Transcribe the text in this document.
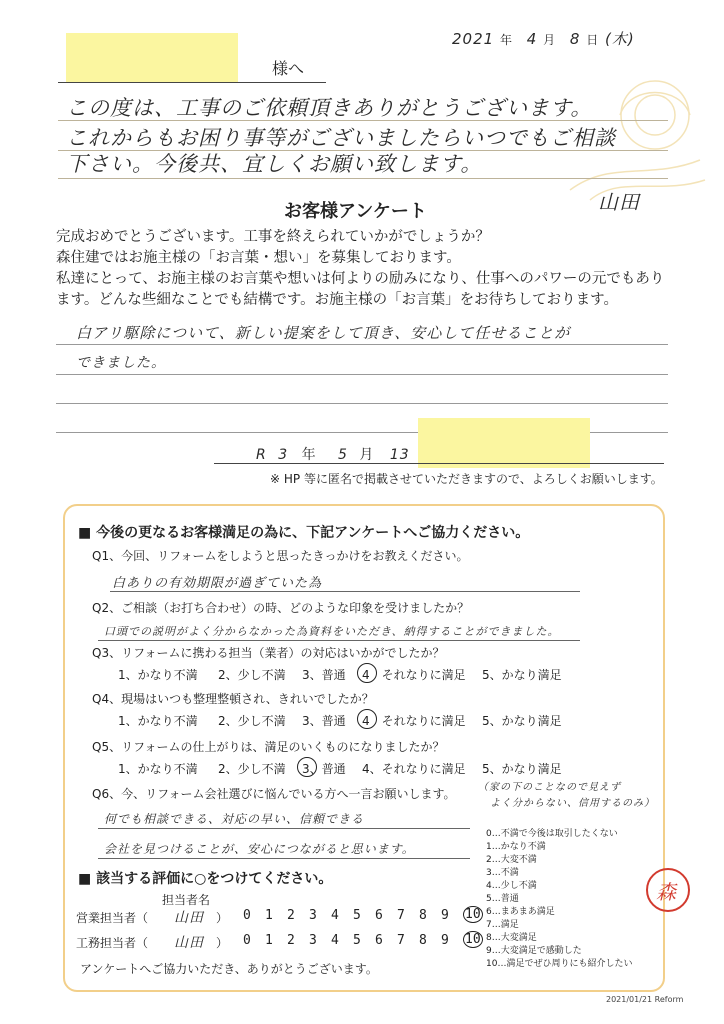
2021 年 4 月 8 日 (木)
様へ
この度は、工事のご依頼頂きありがとうございます。
これからもお困り事等がございましたらいつでもご相談
下さい。今後共、宜しくお願い致します。
山田
お客様アンケート
完成おめでとうございます。工事を終えられていかがでしょうか？
森住建ではお施主様の「お言葉・想い」を募集しております。
私達にとって、お施主様のお言葉や想いは何よりの励みになり、仕事へのパワーの元でもあり
ます。どんな些細なことでも結構です。お施主様の「お言葉」をお待ちしております。
白アリ駆除について、新しい提案をして頂き、安心して任せることが
できました。
R 3 年 5 月 13
※ HP 等に匿名で掲載させていただきますので、よろしくお願いします。
■ 今後の更なるお客様満足の為に、下記アンケートへご協力ください。
Q1、今回、リフォームをしようと思ったきっかけをお教えください。
白ありの有効期限が過ぎていた為
Q2、ご相談（お打ち合わせ）の時、どのような印象を受けましたか？
口頭での説明がよく分からなかった為資料をいただき、納得することができました。
Q3、リフォームに携わる担当（業者）の対応はいかがでしたか？
1、かなり不満 2、少し不満 3、普通 4 それなりに満足 5、かなり満足
Q4、現場はいつも整理整頓され、きれいでしたか？
1、かなり不満 2、少し不満 3、普通 4 それなりに満足 5、かなり満足
Q5、リフォームの仕上がりは、満足のいくものになりましたか？
1、かなり不満 2、少し不満 3、普通 4、それなりに満足 5、かなり満足
Q6、今、リフォーム会社選びに悩んでいる方へ一言お願いします。 （家の下のことなので見えず
よく分からない、信用するのみ）
何でも相談できる、対応の早い、信頼できる
会社を見つけることが、安心につながると思います。
■ 該当する評価に○をつけてください。
担当者名
営業担当者（ 山田 ）
工務担当者（ 山田 ）
0 1 2 3 4 5 6 7 8 9 10
0 1 2 3 4 5 6 7 8 9 10
アンケートへご協力いただき、ありがとうございます。
森
0…不満で今後は取引したくない
1…かなり不満
2…大変不満
3…不満
4…少し不満
5…普通
6…まあまあ満足
7…満足
8…大変満足
9…大変満足で感動した
10…満足でぜひ周りにも紹介したい
2021/01/21 Reform
